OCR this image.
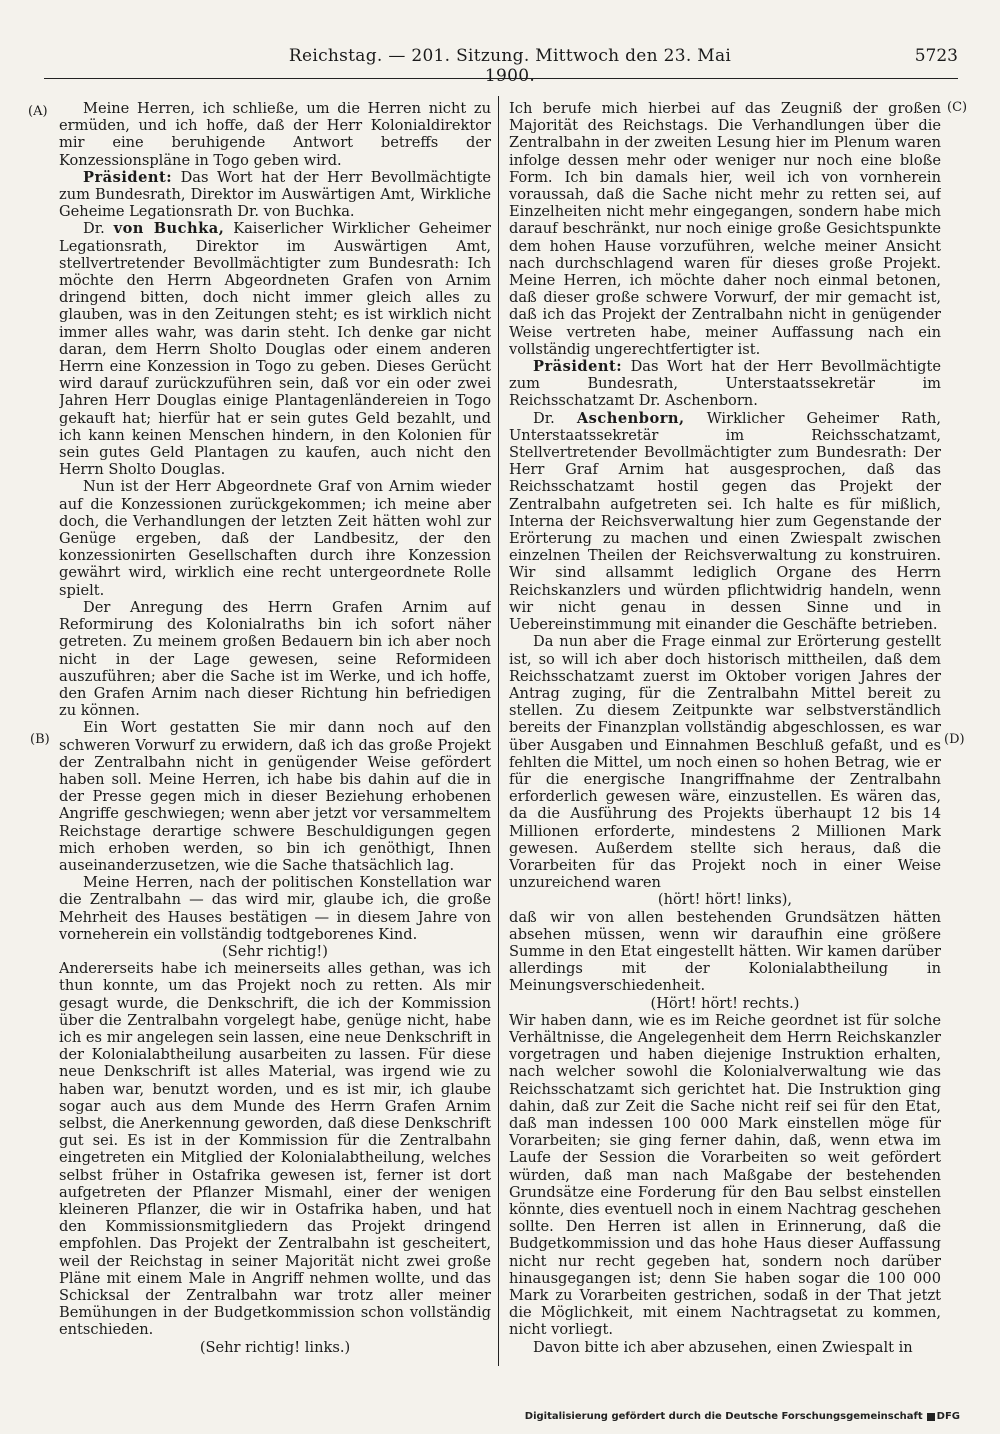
Reichstag. — 201. Sitzung. Mittwoch den 23. Mai 1900.
5723
(A)
(B)
(C)
(D)

Meine Herren, ich schließe, um die Herren nicht zu ermüden, und ich hoffe, daß der Herr Kolonialdirektor mir eine beruhigende Antwort betreffs der Konzessionspläne in Togo geben wird.

Präsident: Das Wort hat der Herr Bevollmächtigte zum Bundesrath, Direktor im Auswärtigen Amt, Wirkliche Geheime Legationsrath Dr. von Buchka.

Dr. von Buchka, Kaiserlicher Wirklicher Geheimer Legationsrath, Direktor im Auswärtigen Amt, stellvertretender Bevollmächtigter zum Bundesrath: Ich möchte den Herrn Abgeordneten Grafen von Arnim dringend bitten, doch nicht immer gleich alles zu glauben, was in den Zeitungen steht; es ist wirklich nicht immer alles wahr, was darin steht. Ich denke gar nicht daran, dem Herrn Sholto Douglas oder einem anderen Herrn eine Konzession in Togo zu geben. Dieses Gerücht wird darauf zurückzuführen sein, daß vor ein oder zwei Jahren Herr Douglas einige Plantagenländereien in Togo gekauft hat; hierfür hat er sein gutes Geld bezahlt, und ich kann keinen Menschen hindern, in den Kolonien für sein gutes Geld Plantagen zu kaufen, auch nicht den Herrn Sholto Douglas.

Nun ist der Herr Abgeordnete Graf von Arnim wieder auf die Konzessionen zurückgekommen; ich meine aber doch, die Verhandlungen der letzten Zeit hätten wohl zur Genüge ergeben, daß der Landbesitz, der den konzessionirten Gesellschaften durch ihre Konzession gewährt wird, wirklich eine recht untergeordnete Rolle spielt.

Der Anregung des Herrn Grafen Arnim auf Reformirung des Kolonialraths bin ich sofort näher getreten. Zu meinem großen Bedauern bin ich aber noch nicht in der Lage gewesen, seine Reformideen auszuführen; aber die Sache ist im Werke, und ich hoffe, den Grafen Arnim nach dieser Richtung hin befriedigen zu können.

Ein Wort gestatten Sie mir dann noch auf den schweren Vorwurf zu erwidern, daß ich das große Projekt der Zentralbahn nicht in genügender Weise gefördert haben soll. Meine Herren, ich habe bis dahin auf die in der Presse gegen mich in dieser Beziehung erhobenen Angriffe geschwiegen; wenn aber jetzt vor versammeltem Reichstage derartige schwere Beschuldigungen gegen mich erhoben werden, so bin ich genöthigt, Ihnen auseinanderzusetzen, wie die Sache thatsächlich lag.

Meine Herren, nach der politischen Konstellation war die Zentralbahn — das wird mir, glaube ich, die große Mehrheit des Hauses bestätigen — in diesem Jahre von vorneherein ein vollständig todtgeborenes Kind.

(Sehr richtig!)

Andererseits habe ich meinerseits alles gethan, was ich thun konnte, um das Projekt noch zu retten. Als mir gesagt wurde, die Denkschrift, die ich der Kommission über die Zentralbahn vorgelegt habe, genüge nicht, habe ich es mir angelegen sein lassen, eine neue Denkschrift in der Kolonialabtheilung ausarbeiten zu lassen. Für diese neue Denkschrift ist alles Material, was irgend wie zu haben war, benutzt worden, und es ist mir, ich glaube sogar auch aus dem Munde des Herrn Grafen Arnim selbst, die Anerkennung geworden, daß diese Denkschrift gut sei. Es ist in der Kommission für die Zentralbahn eingetreten ein Mitglied der Kolonialabtheilung, welches selbst früher in Ostafrika gewesen ist, ferner ist dort aufgetreten der Pflanzer Mismahl, einer der wenigen kleineren Pflanzer, die wir in Ostafrika haben, und hat den Kommissionsmitgliedern das Projekt dringend empfohlen. Das Projekt der Zentralbahn ist gescheitert, weil der Reichstag in seiner Majorität nicht zwei große Pläne mit einem Male in Angriff nehmen wollte, und das Schicksal der Zentralbahn war trotz aller meiner Bemühungen in der Budgetkommission schon vollständig entschieden.

(Sehr richtig! links.)

Ich berufe mich hierbei auf das Zeugniß der großen Majorität des Reichstags. Die Verhandlungen über die Zentralbahn in der zweiten Lesung hier im Plenum waren infolge dessen mehr oder weniger nur noch eine bloße Form. Ich bin damals hier, weil ich von vornherein voraussah, daß die Sache nicht mehr zu retten sei, auf Einzelheiten nicht mehr eingegangen, sondern habe mich darauf beschränkt, nur noch einige große Gesichtspunkte dem hohen Hause vorzuführen, welche meiner Ansicht nach durchschlagend waren für dieses große Projekt. Meine Herren, ich möchte daher noch einmal betonen, daß dieser große schwere Vorwurf, der mir gemacht ist, daß ich das Projekt der Zentralbahn nicht in genügender Weise vertreten habe, meiner Auffassung nach ein vollständig ungerechtfertigter ist.

Präsident: Das Wort hat der Herr Bevollmächtigte zum Bundesrath, Unterstaatssekretär im Reichsschatzamt Dr. Aschenborn.

Dr. Aschenborn, Wirklicher Geheimer Rath, Unterstaatssekretär im Reichsschatzamt, Stellvertretender Bevollmächtigter zum Bundesrath: Der Herr Graf Arnim hat ausgesprochen, daß das Reichsschatzamt hostil gegen das Projekt der Zentralbahn aufgetreten sei. Ich halte es für mißlich, Interna der Reichsverwaltung hier zum Gegenstande der Erörterung zu machen und einen Zwiespalt zwischen einzelnen Theilen der Reichsverwaltung zu konstruiren. Wir sind allsammt lediglich Organe des Herrn Reichskanzlers und würden pflichtwidrig handeln, wenn wir nicht genau in dessen Sinne und in Uebereinstimmung mit einander die Geschäfte betrieben.

Da nun aber die Frage einmal zur Erörterung gestellt ist, so will ich aber doch historisch mittheilen, daß dem Reichsschatzamt zuerst im Oktober vorigen Jahres der Antrag zuging, für die Zentralbahn Mittel bereit zu stellen. Zu diesem Zeitpunkte war selbstverständlich bereits der Finanzplan vollständig abgeschlossen, es war über Ausgaben und Einnahmen Beschluß gefaßt, und es fehlten die Mittel, um noch einen so hohen Betrag, wie er für die energische Inangriffnahme der Zentralbahn erforderlich gewesen wäre, einzustellen. Es wären das, da die Ausführung des Projekts überhaupt 12 bis 14 Millionen erforderte, mindestens 2 Millionen Mark gewesen. Außerdem stellte sich heraus, daß die Vorarbeiten für das Projekt noch in einer Weise unzureichend waren

(hört! hört! links),

daß wir von allen bestehenden Grundsätzen hätten absehen müssen, wenn wir daraufhin eine größere Summe in den Etat eingestellt hätten. Wir kamen darüber allerdings mit der Kolonialabtheilung in Meinungsverschiedenheit.

(Hört! hört! rechts.)

Wir haben dann, wie es im Reiche geordnet ist für solche Verhältnisse, die Angelegenheit dem Herrn Reichskanzler vorgetragen und haben diejenige Instruktion erhalten, nach welcher sowohl die Kolonialverwaltung wie das Reichsschatzamt sich gerichtet hat. Die Instruktion ging dahin, daß zur Zeit die Sache nicht reif sei für den Etat, daß man indessen 100 000 Mark einstellen möge für Vorarbeiten; sie ging ferner dahin, daß, wenn etwa im Laufe der Session die Vorarbeiten so weit gefördert würden, daß man nach Maßgabe der bestehenden Grundsätze eine Forderung für den Bau selbst einstellen könnte, dies eventuell noch in einem Nachtrag geschehen sollte. Den Herren ist allen in Erinnerung, daß die Budgetkommission und das hohe Haus dieser Auffassung nicht nur recht gegeben hat, sondern noch darüber hinausgegangen ist; denn Sie haben sogar die 100 000 Mark zu Vorarbeiten gestrichen, sodaß in der That jetzt die Möglichkeit, mit einem Nachtragsetat zu kommen, nicht vorliegt.

Davon bitte ich aber abzusehen, einen Zwiespalt in

Digitalisierung gefördert durch die Deutsche Forschungsgemeinschaft DFG
